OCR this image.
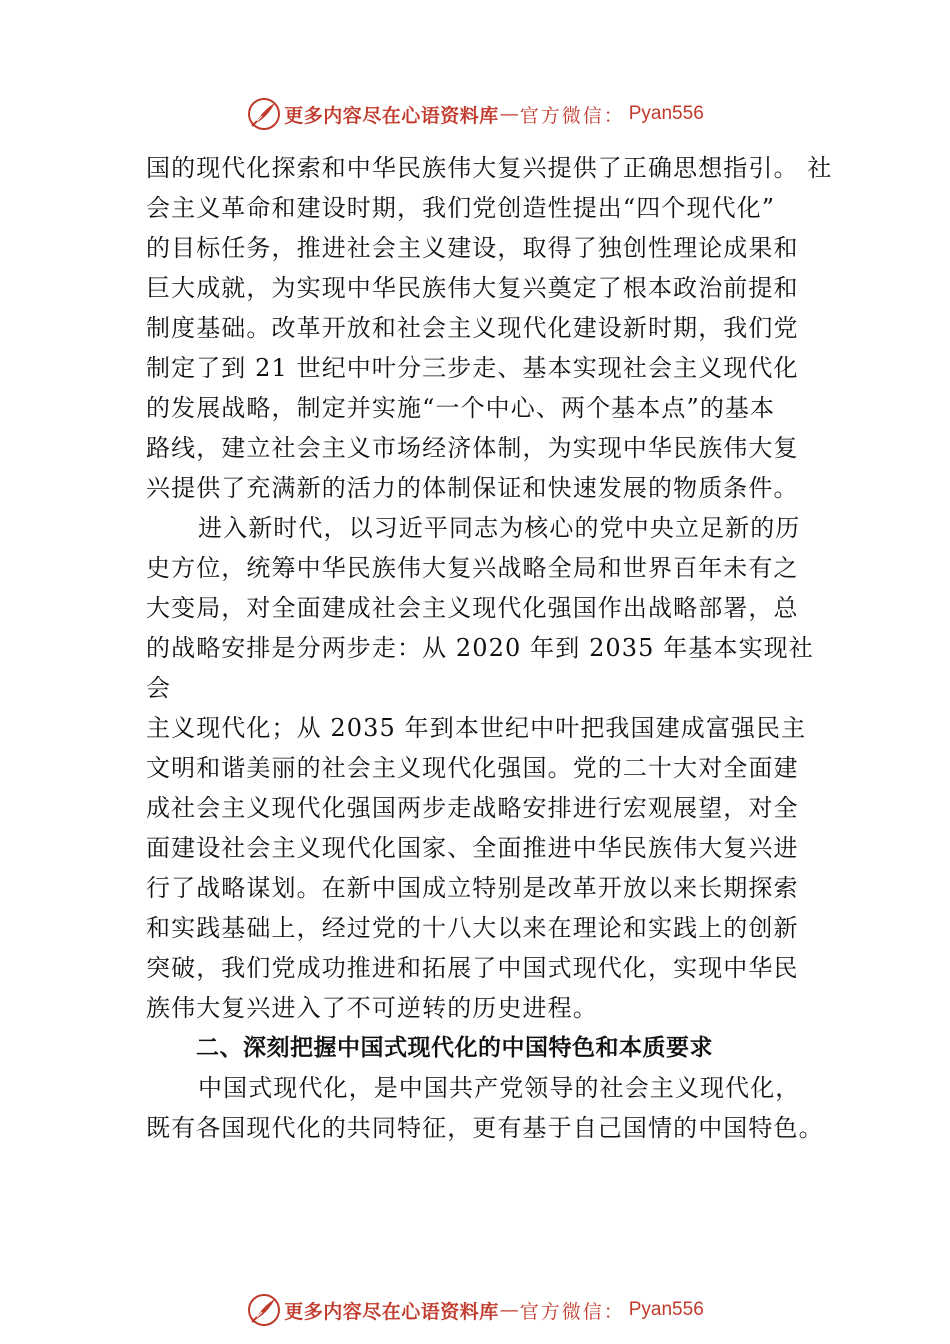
更多内容尽在心语资料库 — 官方微信： Pyan556
国的现代化探索和中华民族伟大复兴提供了正确思想指引。 社
会主义革命和建设时期，我们党创造性提出“四个现代化”
的目标任务，推进社会主义建设，取得了独创性理论成果和
巨大成就，为实现中华民族伟大复兴奠定了根本政治前提和
制度基础。改革开放和社会主义现代化建设新时期，我们党
制定了到 21 世纪中叶分三步走、基本实现社会主义现代化
的发展战略，制定并实施“一个中心、两个基本点”的基本
路线，建立社会主义市场经济体制，为实现中华民族伟大复
兴提供了充满新的活力的体制保证和快速发展的物质条件。
进入新时代，以习近平同志为核心的党中央立足新的历
史方位，统筹中华民族伟大复兴战略全局和世界百年未有之
大变局，对全面建成社会主义现代化强国作出战略部署，总
的战略安排是分两步走：从 2020 年到 2035 年基本实现社
会
主义现代化；从 2035 年到本世纪中叶把我国建成富强民主
文明和谐美丽的社会主义现代化强国。党的二十大对全面建
成社会主义现代化强国两步走战略安排进行宏观展望，对全
面建设社会主义现代化国家、全面推进中华民族伟大复兴进
行了战略谋划。在新中国成立特别是改革开放以来长期探索
和实践基础上，经过党的十八大以来在理论和实践上的创新
突破，我们党成功推进和拓展了中国式现代化，实现中华民
族伟大复兴进入了不可逆转的历史进程。
二、深刻把握中国式现代化的中国特色和本质要求
中国式现代化，是中国共产党领导的社会主义现代化，
既有各国现代化的共同特征，更有基于自己国情的中国特色。
更多内容尽在心语资料库 — 官方微信： Pyan556
